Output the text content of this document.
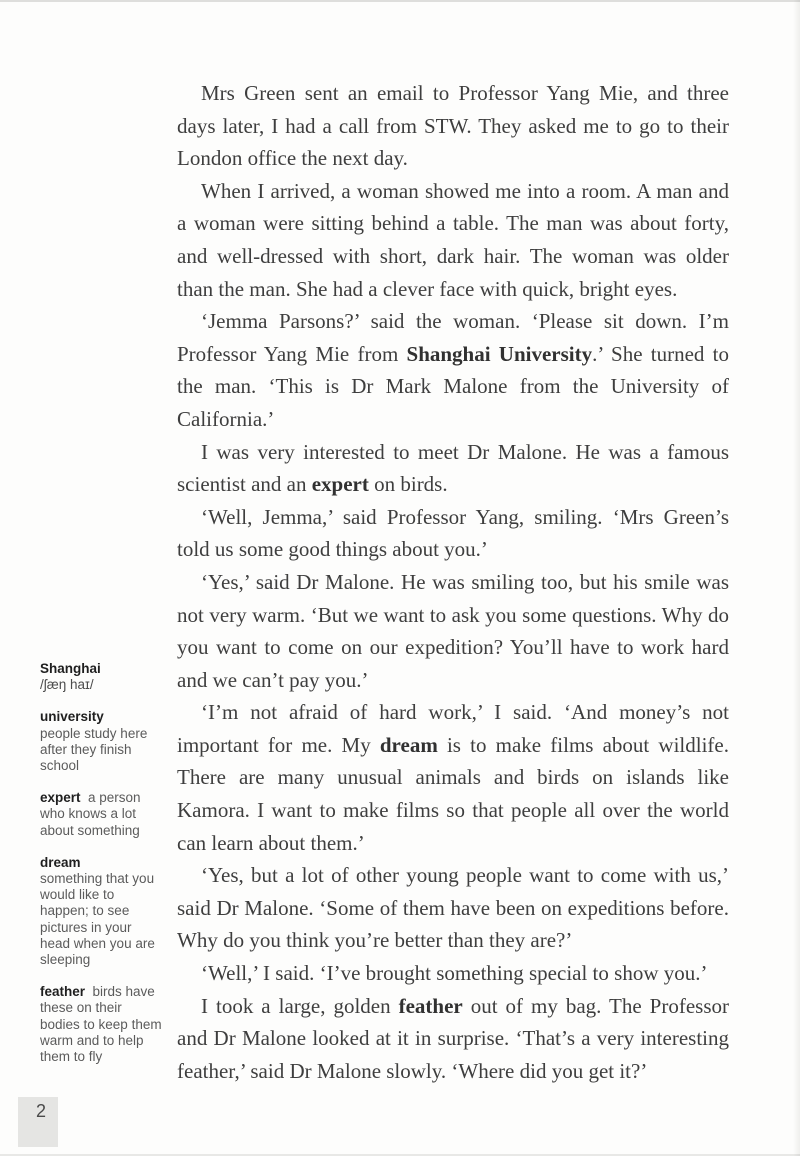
Shanghai
/ʃæŋ haɪ/
university
people study here after they finish school
expert  a person who knows a lot about something
dream
something that you would like to happen; to see pictures in your head when you are sleeping
feather  birds have these on their bodies to keep them warm and to help them to fly

Mrs Green sent an email to Professor Yang Mie, and three days later, I had a call from STW. They asked me to go to their London office the next day.

When I arrived, a woman showed me into a room. A man and a woman were sitting behind a table. The man was about forty, and well-dressed with short, dark hair. The woman was older than the man. She had a clever face with quick, bright eyes.

‘Jemma Parsons?’ said the woman. ‘Please sit down. I’m Professor Yang Mie from Shanghai University.’ She turned to the man. ‘This is Dr Mark Malone from the University of California.’

I was very interested to meet Dr Malone. He was a famous scientist and an expert on birds.

‘Well, Jemma,’ said Professor Yang, smiling. ‘Mrs Green’s told us some good things about you.’

‘Yes,’ said Dr Malone. He was smiling too, but his smile was not very warm. ‘But we want to ask you some questions. Why do you want to come on our expedition? You’ll have to work hard and we can’t pay you.’

‘I’m not afraid of hard work,’ I said. ‘And money’s not important for me. My dream is to make films about wildlife. There are many unusual animals and birds on islands like Kamora. I want to make films so that people all over the world can learn about them.’

‘Yes, but a lot of other young people want to come with us,’ said Dr Malone. ‘Some of them have been on expeditions before. Why do you think you’re better than they are?’

‘Well,’ I said. ‘I’ve brought something special to show you.’

I took a large, golden feather out of my bag. The Professor and Dr Malone looked at it in surprise. ‘That’s a very interesting feather,’ said Dr Malone slowly. ‘Where did you get it?’

2
